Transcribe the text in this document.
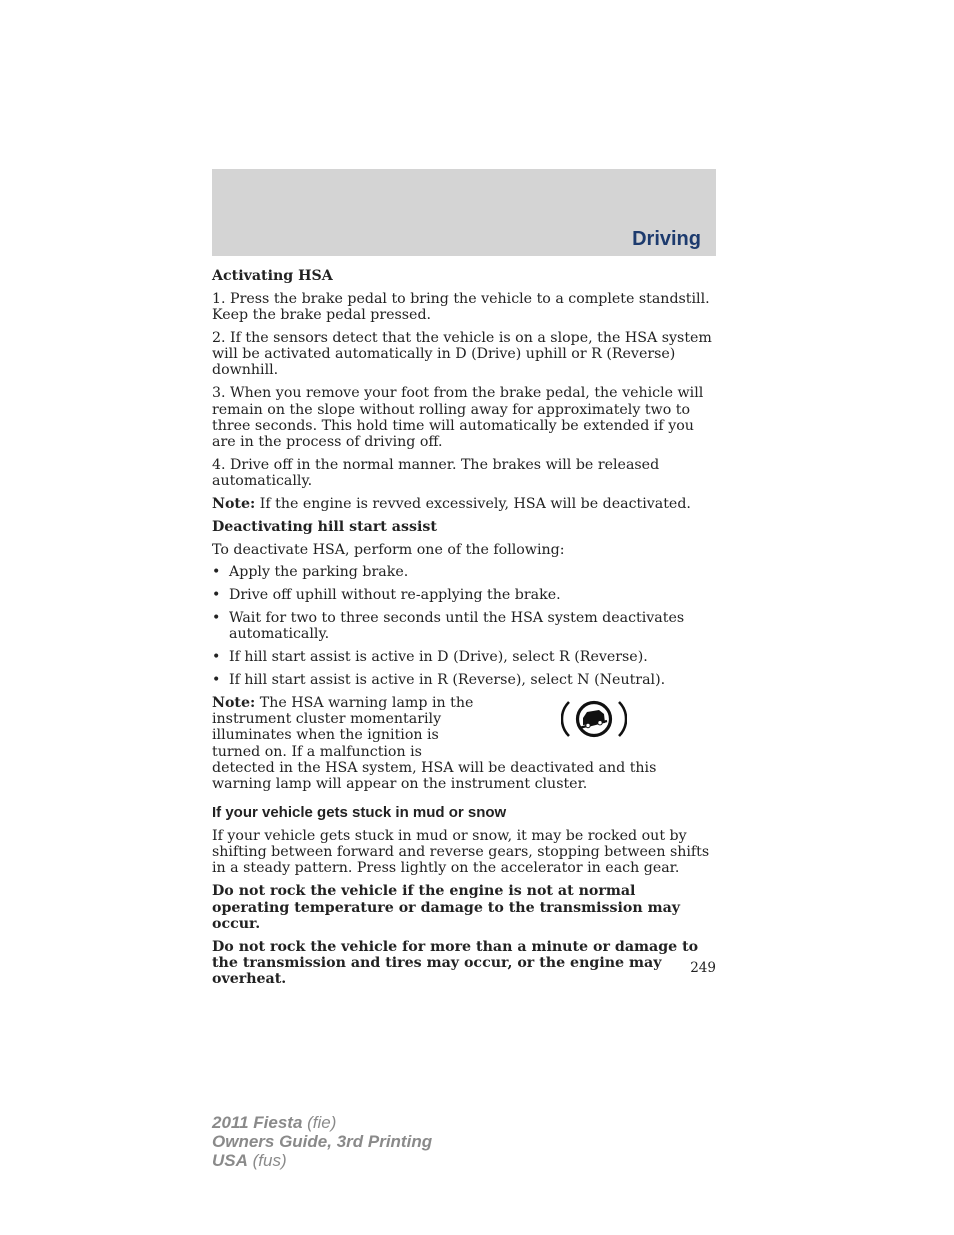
Driving

Activating HSA

1. Press the brake pedal to bring the vehicle to a complete standstill. Keep the brake pedal pressed.

2. If the sensors detect that the vehicle is on a slope, the HSA system will be activated automatically in D (Drive) uphill or R (Reverse) downhill.

3. When you remove your foot from the brake pedal, the vehicle will remain on the slope without rolling away for approximately two to three seconds. This hold time will automatically be extended if you are in the process of driving off.

4. Drive off in the normal manner. The brakes will be released automatically.

Note: If the engine is revved excessively, HSA will be deactivated.

Deactivating hill start assist

To deactivate HSA, perform one of the following:

• Apply the parking brake.
• Drive off uphill without re-applying the brake.
• Wait for two to three seconds until the HSA system deactivates automatically.
• If hill start assist is active in D (Drive), select R (Reverse).
• If hill start assist is active in R (Reverse), select N (Neutral).

Note: The HSA warning lamp in the instrument cluster momentarily illuminates when the ignition is turned on. If a malfunction is

detected in the HSA system, HSA will be deactivated and this warning lamp will appear on the instrument cluster.

If your vehicle gets stuck in mud or snow

If your vehicle gets stuck in mud or snow, it may be rocked out by shifting between forward and reverse gears, stopping between shifts in a steady pattern. Press lightly on the accelerator in each gear.

Do not rock the vehicle if the engine is not at normal operating temperature or damage to the transmission may occur.

Do not rock the vehicle for more than a minute or damage to the transmission and tires may occur, or the engine may overheat.

249
2011 Fiesta (fie)
Owners Guide, 3rd Printing
USA (fus)
